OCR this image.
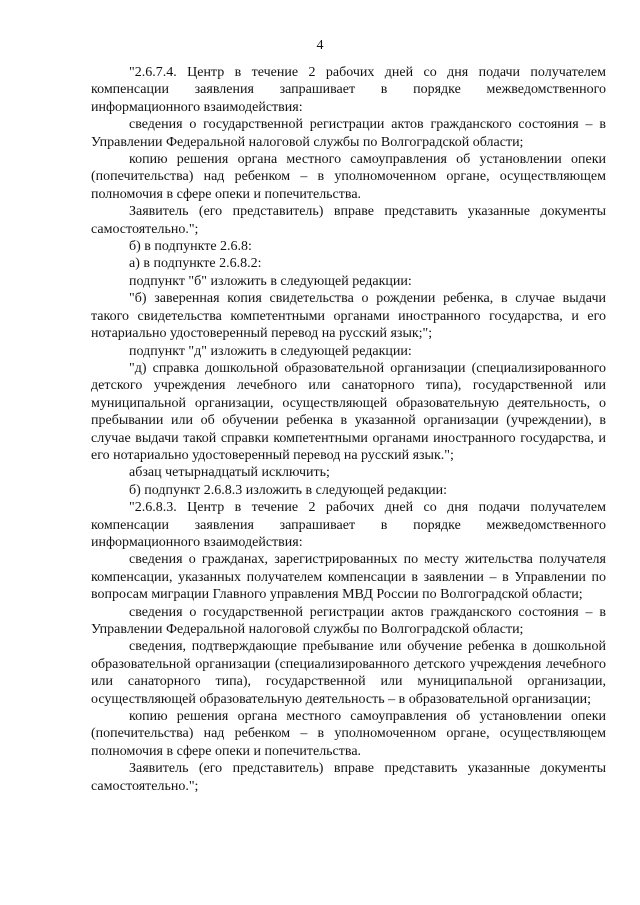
4

"2.6.7.4. Центр в течение 2 рабочих дней со дня подачи получателем компенсации заявления запрашивает в порядке межведомственного информационного взаимодействия:

сведения о государственной регистрации актов гражданского состояния – в Управлении Федеральной налоговой службы по Волгоградской области;

копию решения органа местного самоуправления об установлении опеки (попечительства) над ребенком – в уполномоченном органе, осуществляющем полномочия в сфере опеки и попечительства.

Заявитель (его представитель) вправе представить указанные документы самостоятельно.";

б) в подпункте 2.6.8:

а) в подпункте 2.6.8.2:

подпункт "б" изложить в следующей редакции:

"б) заверенная копия свидетельства о рождении ребенка, в случае выдачи такого свидетельства компетентными органами иностранного государства, и его нотариально удостоверенный перевод на русский язык;";

подпункт "д" изложить в следующей редакции:

"д) справка дошкольной образовательной организации (специализированного детского учреждения лечебного или санаторного типа), государственной или муниципальной организации, осуществляющей образовательную деятельность, о пребывании или об обучении ребенка в указанной организации (учреждении), в случае выдачи такой справки компетентными органами иностранного государства, и его нотариально удостоверенный перевод на русский язык.";

абзац четырнадцатый исключить;

б) подпункт 2.6.8.3 изложить в следующей редакции:

"2.6.8.3. Центр в течение 2 рабочих дней со дня подачи получателем компенсации заявления запрашивает в порядке межведомственного информационного взаимодействия:

сведения о гражданах, зарегистрированных по месту жительства получателя компенсации, указанных получателем компенсации в заявлении – в Управлении по вопросам миграции Главного управления МВД России по Волгоградской области;

сведения о государственной регистрации актов гражданского состояния – в Управлении Федеральной налоговой службы по Волгоградской области;

сведения, подтверждающие пребывание или обучение ребенка в дошкольной образовательной организации (специализированного детского учреждения лечебного или санаторного типа), государственной или муниципальной организации, осуществляющей образовательную деятельность – в образовательной организации;

копию решения органа местного самоуправления об установлении опеки (попечительства) над ребенком – в уполномоченном органе, осуществляющем полномочия в сфере опеки и попечительства.

Заявитель (его представитель) вправе представить указанные документы самостоятельно.";
